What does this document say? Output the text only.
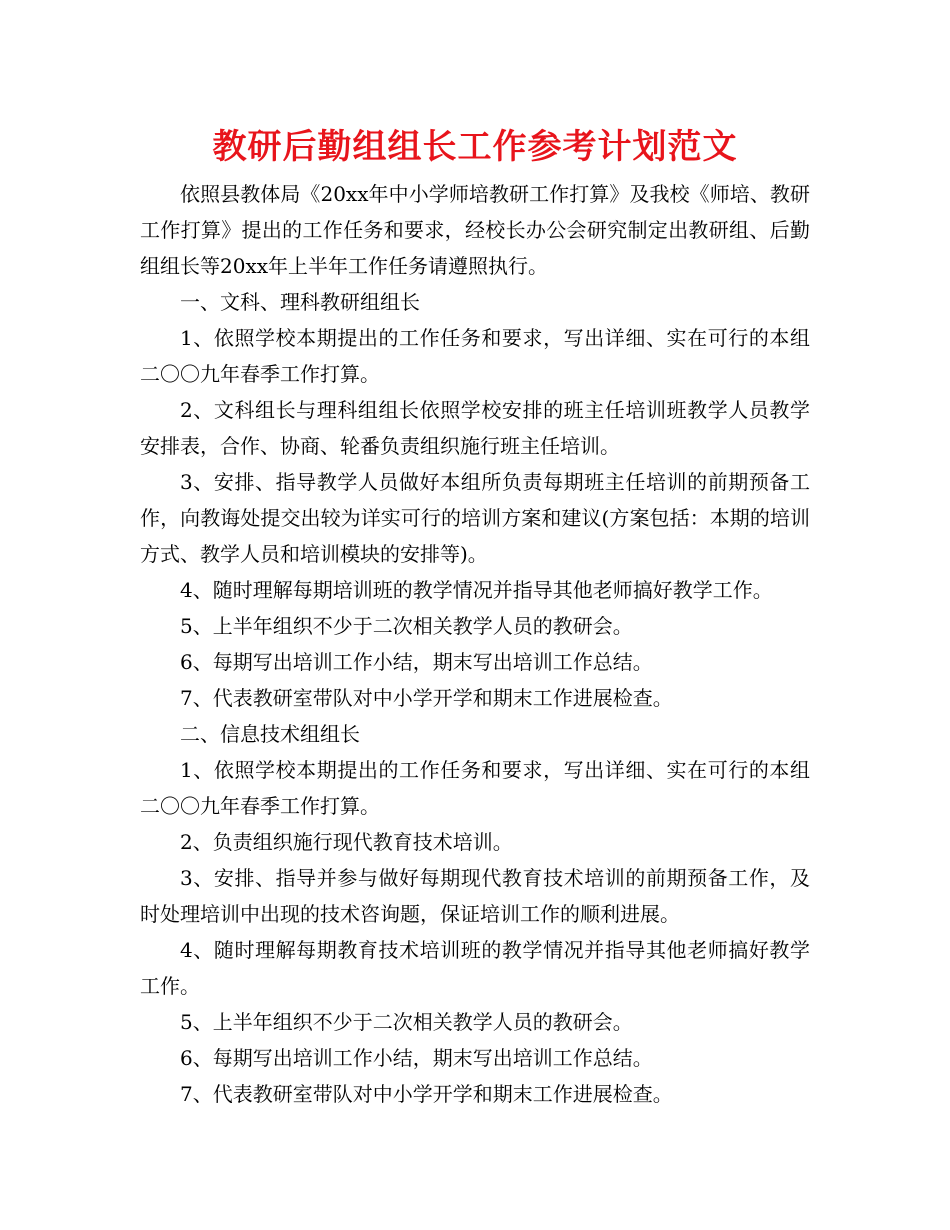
教研后勤组组长工作参考计划范文

依照县教体局《20xx年中小学师培教研工作打算》及我校《师培、教研工作打算》提出的工作任务和要求，经校长办公会研究制定出教研组、后勤组组长等20xx年上半年工作任务请遵照执行。

一、文科、理科教研组组长

1、依照学校本期提出的工作任务和要求，写出详细、实在可行的本组二〇〇九年春季工作打算。

2、文科组长与理科组组长依照学校安排的班主任培训班教学人员教学安排表，合作、协商、轮番负责组织施行班主任培训。

3、安排、指导教学人员做好本组所负责每期班主任培训的前期预备工作，向教诲处提交出较为详实可行的培训方案和建议(方案包括：本期的培训方式、教学人员和培训模块的安排等)。

4、随时理解每期培训班的教学情况并指导其他老师搞好教学工作。

5、上半年组织不少于二次相关教学人员的教研会。

6、每期写出培训工作小结，期末写出培训工作总结。

7、代表教研室带队对中小学开学和期末工作进展检查。

二、信息技术组组长

1、依照学校本期提出的工作任务和要求，写出详细、实在可行的本组二〇〇九年春季工作打算。

2、负责组织施行现代教育技术培训。

3、安排、指导并参与做好每期现代教育技术培训的前期预备工作，及时处理培训中出现的技术咨询题，保证培训工作的顺利进展。

4、随时理解每期教育技术培训班的教学情况并指导其他老师搞好教学工作。

5、上半年组织不少于二次相关教学人员的教研会。

6、每期写出培训工作小结，期末写出培训工作总结。

7、代表教研室带队对中小学开学和期末工作进展检查。
